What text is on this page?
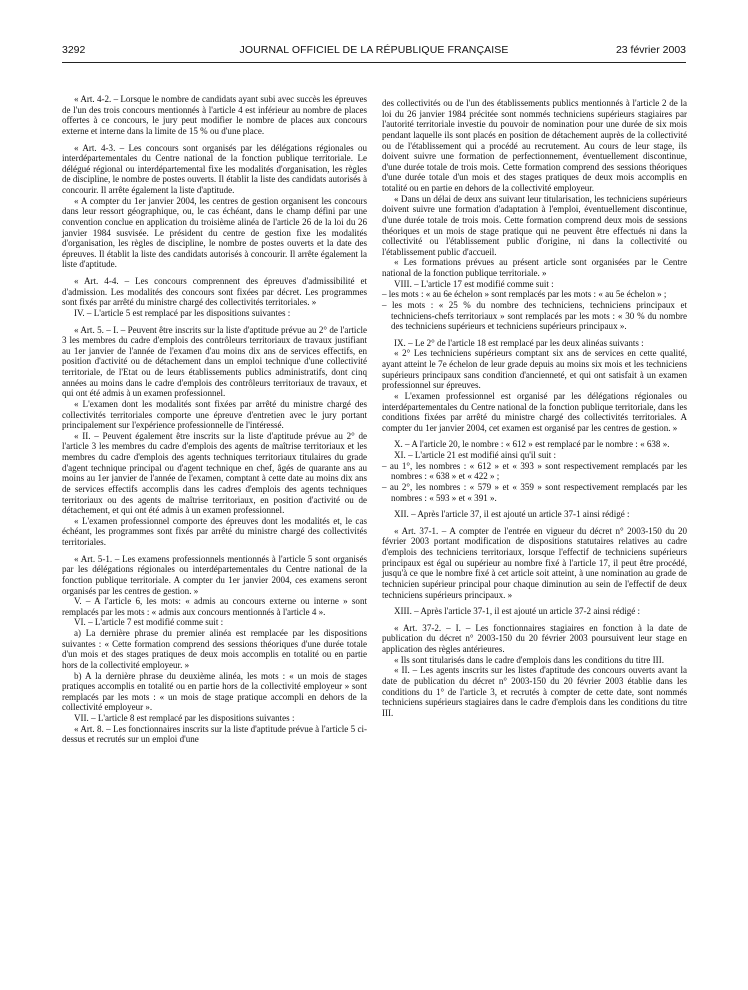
3292	JOURNAL OFFICIEL DE LA RÉPUBLIQUE FRANÇAISE	23 février 2003

« Art. 4-2. – Lorsque le nombre de candidats ayant subi avec succès les épreuves de l'un des trois concours mentionnés à l'article 4 est inférieur au nombre de places offertes à ce concours, le jury peut modifier le nombre de places aux concours externe et interne dans la limite de 15 % ou d'une place.

« Art. 4-3. – Les concours sont organisés par les délégations régionales ou interdépartementales du Centre national de la fonction publique territoriale. Le délégué régional ou interdépartemental fixe les modalités d'organisation, les règles de discipline, le nombre de postes ouverts. Il établit la liste des candidats autorisés à concourir. Il arrête également la liste d'aptitude.

« A compter du 1er janvier 2004, les centres de gestion organisent les concours dans leur ressort géographique, ou, le cas échéant, dans le champ défini par une convention conclue en application du troisième alinéa de l'article 26 de la loi du 26 janvier 1984 susvisée. Le président du centre de gestion fixe les modalités d'organisation, les règles de discipline, le nombre de postes ouverts et la date des épreuves. Il établit la liste des candidats autorisés à concourir. Il arrête également la liste d'aptitude.

« Art. 4-4. – Les concours comprennent des épreuves d'admissibilité et d'admission. Les modalités des concours sont fixées par décret. Les programmes sont fixés par arrêté du ministre chargé des collectivités territoriales. »

IV. – L'article 5 est remplacé par les dispositions suivantes :

« Art. 5. – I. – Peuvent être inscrits sur la liste d'aptitude prévue au 2° de l'article 3 les membres du cadre d'emplois des contrôleurs territoriaux de travaux justifiant au 1er janvier de l'année de l'examen d'au moins dix ans de services effectifs, en position d'activité ou de détachement dans un emploi technique d'une collectivité territoriale, de l'Etat ou de leurs établissements publics administratifs, dont cinq années au moins dans le cadre d'emplois des contrôleurs territoriaux de travaux, et qui ont été admis à un examen professionnel.

« L'examen dont les modalités sont fixées par arrêté du ministre chargé des collectivités territoriales comporte une épreuve d'entretien avec le jury portant principalement sur l'expérience professionnelle de l'intéressé.

« II. – Peuvent également être inscrits sur la liste d'aptitude prévue au 2° de l'article 3 les membres du cadre d'emplois des agents de maîtrise territoriaux et les membres du cadre d'emplois des agents techniques territoriaux titulaires du grade d'agent technique principal ou d'agent technique en chef, âgés de quarante ans au moins au 1er janvier de l'année de l'examen, comptant à cette date au moins dix ans de services effectifs accomplis dans les cadres d'emplois des agents techniques territoriaux ou des agents de maîtrise territoriaux, en position d'activité ou de détachement, et qui ont été admis à un examen professionnel.

« L'examen professionnel comporte des épreuves dont les modalités et, le cas échéant, les programmes sont fixés par arrêté du ministre chargé des collectivités territoriales.

« Art. 5-1. – Les examens professionnels mentionnés à l'article 5 sont organisés par les délégations régionales ou interdépartementales du Centre national de la fonction publique territoriale. A compter du 1er janvier 2004, ces examens seront organisés par les centres de gestion. »

V. – A l'article 6, les mots: « admis au concours externe ou interne » sont remplacés par les mots : « admis aux concours mentionnés à l'article 4 ».

VI. – L'article 7 est modifié comme suit :

a) La dernière phrase du premier alinéa est remplacée par les dispositions suivantes : « Cette formation comprend des sessions théoriques d'une durée totale d'un mois et des stages pratiques de deux mois accomplis en totalité ou en partie hors de la collectivité employeur. »

b) A la dernière phrase du deuxième alinéa, les mots : « un mois de stages pratiques accomplis en totalité ou en partie hors de la collectivité employeur » sont remplacés par les mots : « un mois de stage pratique accompli en dehors de la collectivité employeur ».

VII. – L'article 8 est remplacé par les dispositions suivantes :

« Art. 8. – Les fonctionnaires inscrits sur la liste d'aptitude prévue à l'article 5 ci-dessus et recrutés sur un emploi d'une

des collectivités ou de l'un des établissements publics mentionnés à l'article 2 de la loi du 26 janvier 1984 précitée sont nommés techniciens supérieurs stagiaires par l'autorité territoriale investie du pouvoir de nomination pour une durée de six mois pendant laquelle ils sont placés en position de détachement auprès de la collectivité ou de l'établissement qui a procédé au recrutement. Au cours de leur stage, ils doivent suivre une formation de perfectionnement, éventuellement discontinue, d'une durée totale de trois mois. Cette formation comprend des sessions théoriques d'une durée totale d'un mois et des stages pratiques de deux mois accomplis en totalité ou en partie en dehors de la collectivité employeur.

« Dans un délai de deux ans suivant leur titularisation, les techniciens supérieurs doivent suivre une formation d'adaptation à l'emploi, éventuellement discontinue, d'une durée totale de trois mois. Cette formation comprend deux mois de sessions théoriques et un mois de stage pratique qui ne peuvent être effectués ni dans la collectivité ou l'établissement public d'origine, ni dans la collectivité ou l'établissement public d'accueil.

« Les formations prévues au présent article sont organisées par le Centre national de la fonction publique territoriale. »

VIII. – L'article 17 est modifié comme suit :

– les mots : « au 6e échelon » sont remplacés par les mots : « au 5e échelon » ;

– les mots : « 25 % du nombre des techniciens, techniciens principaux et techniciens-chefs territoriaux » sont remplacés par les mots : « 30 % du nombre des techniciens supérieurs et techniciens supérieurs principaux ».

IX. – Le 2° de l'article 18 est remplacé par les deux alinéas suivants :

« 2° Les techniciens supérieurs comptant six ans de services en cette qualité, ayant atteint le 7e échelon de leur grade depuis au moins six mois et les techniciens supérieurs principaux sans condition d'ancienneté, et qui ont satisfait à un examen professionnel sur épreuves.

« L'examen professionnel est organisé par les délégations régionales ou interdépartementales du Centre national de la fonction publique territoriale, dans les conditions fixées par arrêté du ministre chargé des collectivités territoriales. A compter du 1er janvier 2004, cet examen est organisé par les centres de gestion. »

X. – A l'article 20, le nombre : « 612 » est remplacé par le nombre : « 638 ».

XI. – L'article 21 est modifié ainsi qu'il suit :

– au 1°, les nombres : « 612 » et « 393 » sont respectivement remplacés par les nombres : « 638 » et « 422 » ;

– au 2°, les nombres : « 579 » et « 359 » sont respectivement remplacés par les nombres : « 593 » et « 391 ».

XII. – Après l'article 37, il est ajouté un article 37-1 ainsi rédigé :

« Art. 37-1. – A compter de l'entrée en vigueur du décret n° 2003-150 du 20 février 2003 portant modification de dispositions statutaires relatives au cadre d'emplois des techniciens territoriaux, lorsque l'effectif de techniciens supérieurs principaux est égal ou supérieur au nombre fixé à l'article 17, il peut être procédé, jusqu'à ce que le nombre fixé à cet article soit atteint, à une nomination au grade de technicien supérieur principal pour chaque diminution au sein de l'effectif de deux techniciens supérieurs principaux. »

XIII. – Après l'article 37-1, il est ajouté un article 37-2 ainsi rédigé :

« Art. 37-2. – I. – Les fonctionnaires stagiaires en fonction à la date de publication du décret n° 2003-150 du 20 février 2003 poursuivent leur stage en application des règles antérieures.

« Ils sont titularisés dans le cadre d'emplois dans les conditions du titre III.

« II. – Les agents inscrits sur les listes d'aptitude des concours ouverts avant la date de publication du décret n° 2003-150 du 20 février 2003 établie dans les conditions du 1° de l'article 3, et recrutés à compter de cette date, sont nommés techniciens supérieurs stagiaires dans le cadre d'emplois dans les conditions du titre III.
